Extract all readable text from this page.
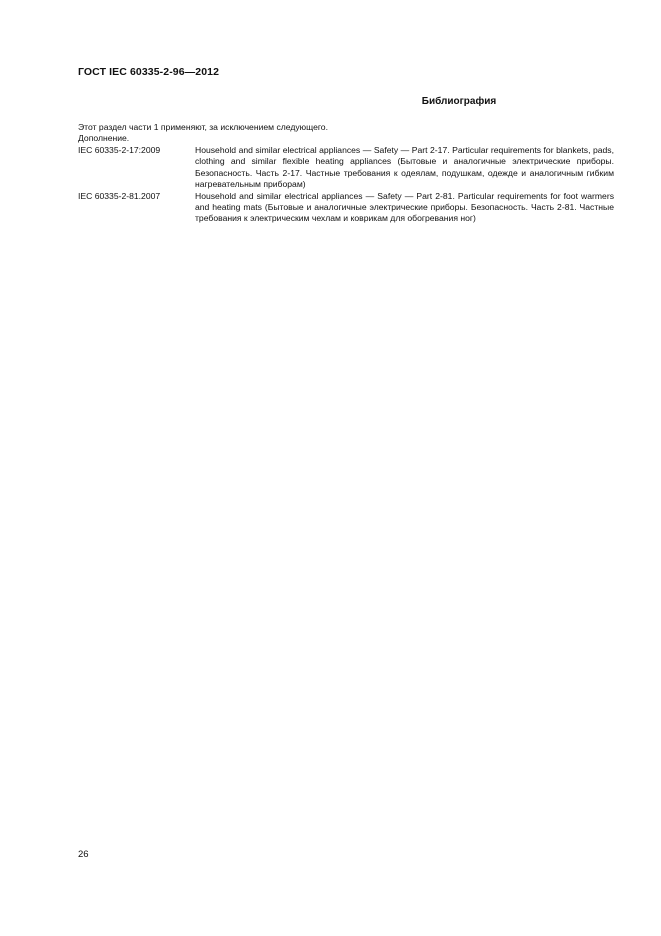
ГОСТ IEC 60335-2-96—2012
Библиография
Этот раздел части 1 применяют, за исключением следующего.
Дополнение.
IEC 60335-2-17:2009	Household and similar electrical appliances — Safety — Part 2-17. Particular requirements for blankets, pads, clothing and similar flexible heating appliances (Бытовые и аналогичные электрические приборы. Безопасность. Часть 2-17. Частные требования к одеялам, подушкам, одежде и аналогичным гибким нагревательным приборам)
IEC 60335-2-81.2007	Household and similar electrical appliances — Safety — Part 2-81. Particular requirements for foot warmers and heating mats (Бытовые и аналогичные электрические приборы. Безопасность. Часть 2-81. Частные требования к электрическим чехлам и коврикам для обогревания ног)
26
